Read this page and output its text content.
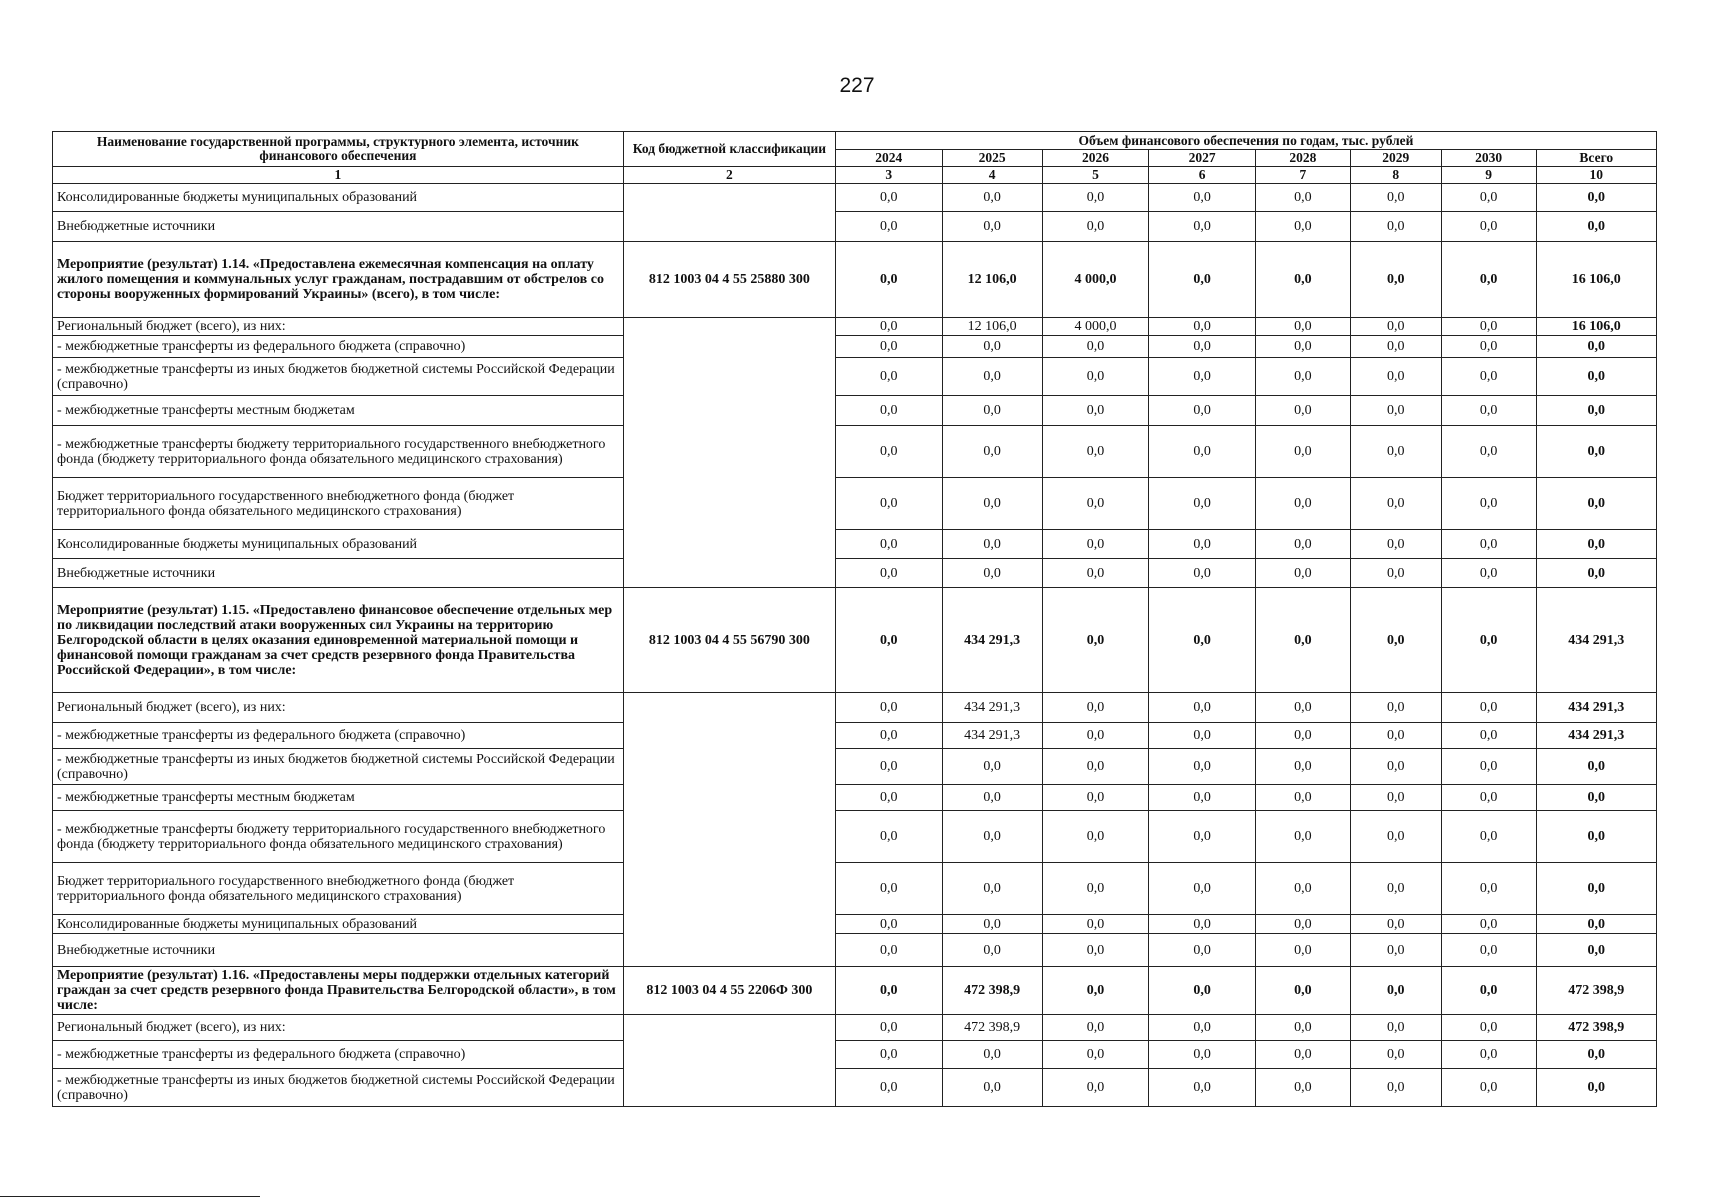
227
Наименование государственной программы, структурного элемента, источник финансового обеспечения	Код бюджетной классификации	Объем финансового обеспечения по годам, тыс. рублей							
		2024	2025	2026	2027	2028	2029	2030	Всего
1	2	3	4	5	6	7	8	9	10
Консолидированные бюджеты муниципальных образований		0,0	0,0	0,0	0,0	0,0	0,0	0,0	0,0
Внебюджетные источники		0,0	0,0	0,0	0,0	0,0	0,0	0,0	0,0
Мероприятие (результат) 1.14. «Предоставлена ежемесячная компенсация на оплату жилого помещения и коммунальных услуг гражданам, пострадавшим от обстрелов со стороны вооруженных формирований Украины» (всего), в том числе:	812 1003 04 4 55 25880 300	0,0	12 106,0	4 000,0	0,0	0,0	0,0	0,0	16 106,0
Региональный бюджет (всего), из них:		0,0	12 106,0	4 000,0	0,0	0,0	0,0	0,0	16 106,0
- межбюджетные трансферты из федерального бюджета (справочно)		0,0	0,0	0,0	0,0	0,0	0,0	0,0	0,0
- межбюджетные трансферты из иных бюджетов бюджетной системы Российской Федерации (справочно)		0,0	0,0	0,0	0,0	0,0	0,0	0,0	0,0
- межбюджетные трансферты местным бюджетам		0,0	0,0	0,0	0,0	0,0	0,0	0,0	0,0
- межбюджетные трансферты бюджету территориального государственного внебюджетного фонда (бюджету территориального фонда обязательного медицинского страхования)		0,0	0,0	0,0	0,0	0,0	0,0	0,0	0,0
Бюджет территориального государственного внебюджетного фонда (бюджет территориального фонда обязательного медицинского страхования)		0,0	0,0	0,0	0,0	0,0	0,0	0,0	0,0
Консолидированные бюджеты муниципальных образований		0,0	0,0	0,0	0,0	0,0	0,0	0,0	0,0
Внебюджетные источники		0,0	0,0	0,0	0,0	0,0	0,0	0,0	0,0
Мероприятие (результат) 1.15. «Предоставлено финансовое обеспечение отдельных мер по ликвидации последствий атаки вооруженных сил Украины на территорию Белгородской области в целях оказания единовременной материальной помощи и финансовой помощи гражданам за счет средств резервного фонда Правительства Российской Федерации», в том числе:	812 1003 04 4 55 56790 300	0,0	434 291,3	0,0	0,0	0,0	0,0	0,0	434 291,3
Региональный бюджет (всего), из них:		0,0	434 291,3	0,0	0,0	0,0	0,0	0,0	434 291,3
- межбюджетные трансферты из федерального бюджета (справочно)		0,0	434 291,3	0,0	0,0	0,0	0,0	0,0	434 291,3
- межбюджетные трансферты из иных бюджетов бюджетной системы Российской Федерации (справочно)		0,0	0,0	0,0	0,0	0,0	0,0	0,0	0,0
- межбюджетные трансферты местным бюджетам		0,0	0,0	0,0	0,0	0,0	0,0	0,0	0,0
- межбюджетные трансферты бюджету территориального государственного внебюджетного фонда (бюджету территориального фонда обязательного медицинского страхования)		0,0	0,0	0,0	0,0	0,0	0,0	0,0	0,0
Бюджет территориального государственного внебюджетного фонда (бюджет территориального фонда обязательного медицинского страхования)		0,0	0,0	0,0	0,0	0,0	0,0	0,0	0,0
Консолидированные бюджеты муниципальных образований		0,0	0,0	0,0	0,0	0,0	0,0	0,0	0,0
Внебюджетные источники		0,0	0,0	0,0	0,0	0,0	0,0	0,0	0,0
Мероприятие (результат) 1.16. «Предоставлены меры поддержки отдельных категорий граждан за счет средств резервного фонда Правительства Белгородской области», в том числе:	812 1003 04 4 55 2206Ф 300	0,0	472 398,9	0,0	0,0	0,0	0,0	0,0	472 398,9
Региональный бюджет (всего), из них:		0,0	472 398,9	0,0	0,0	0,0	0,0	0,0	472 398,9
- межбюджетные трансферты из федерального бюджета (справочно)		0,0	0,0	0,0	0,0	0,0	0,0	0,0	0,0
- межбюджетные трансферты из иных бюджетов бюджетной системы Российской Федерации (справочно)		0,0	0,0	0,0	0,0	0,0	0,0	0,0	0,0
